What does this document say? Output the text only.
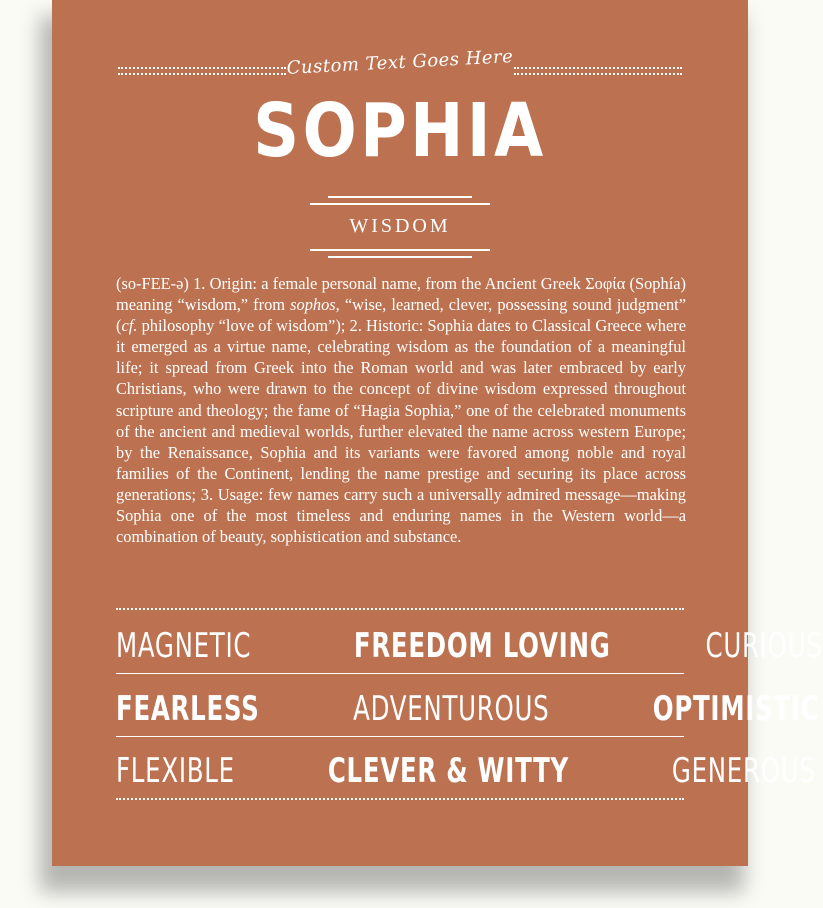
Custom Text Goes Here
SOPHIA
WISDOM
(so-FEE-ə) 1. Origin: a female personal name, from the Ancient Greek Σοφία (Sophía) meaning “wisdom,” from sophos, “wise, learned, clever, possessing sound judgment” (cf. philosophy “love of wisdom”); 2. Historic: Sophia dates to Classical Greece where it emerged as a virtue name, celebrating wisdom as the foundation of a meaningful life; it spread from Greek into the Roman world and was later embraced by early Christians, who were drawn to the concept of divine wisdom expressed throughout scripture and theology; the fame of “Hagia Sophia,” one of the celebrated monuments of the ancient and medieval worlds, further elevated the name across western Europe; by the Renaissance, Sophia and its variants were favored among noble and royal families of the Continent, lending the name prestige and securing its place across generations; 3. Usage: few names carry such a universally admired message—making Sophia one of the most timeless and enduring names in the Western world—a combination of beauty, sophistication and substance.
MAGNETIC	FREEDOM LOVING	CURIOUS
FEARLESS	ADVENTUROUS	OPTIMISTIC
FLEXIBLE	CLEVER & WITTY	GENEROUS
